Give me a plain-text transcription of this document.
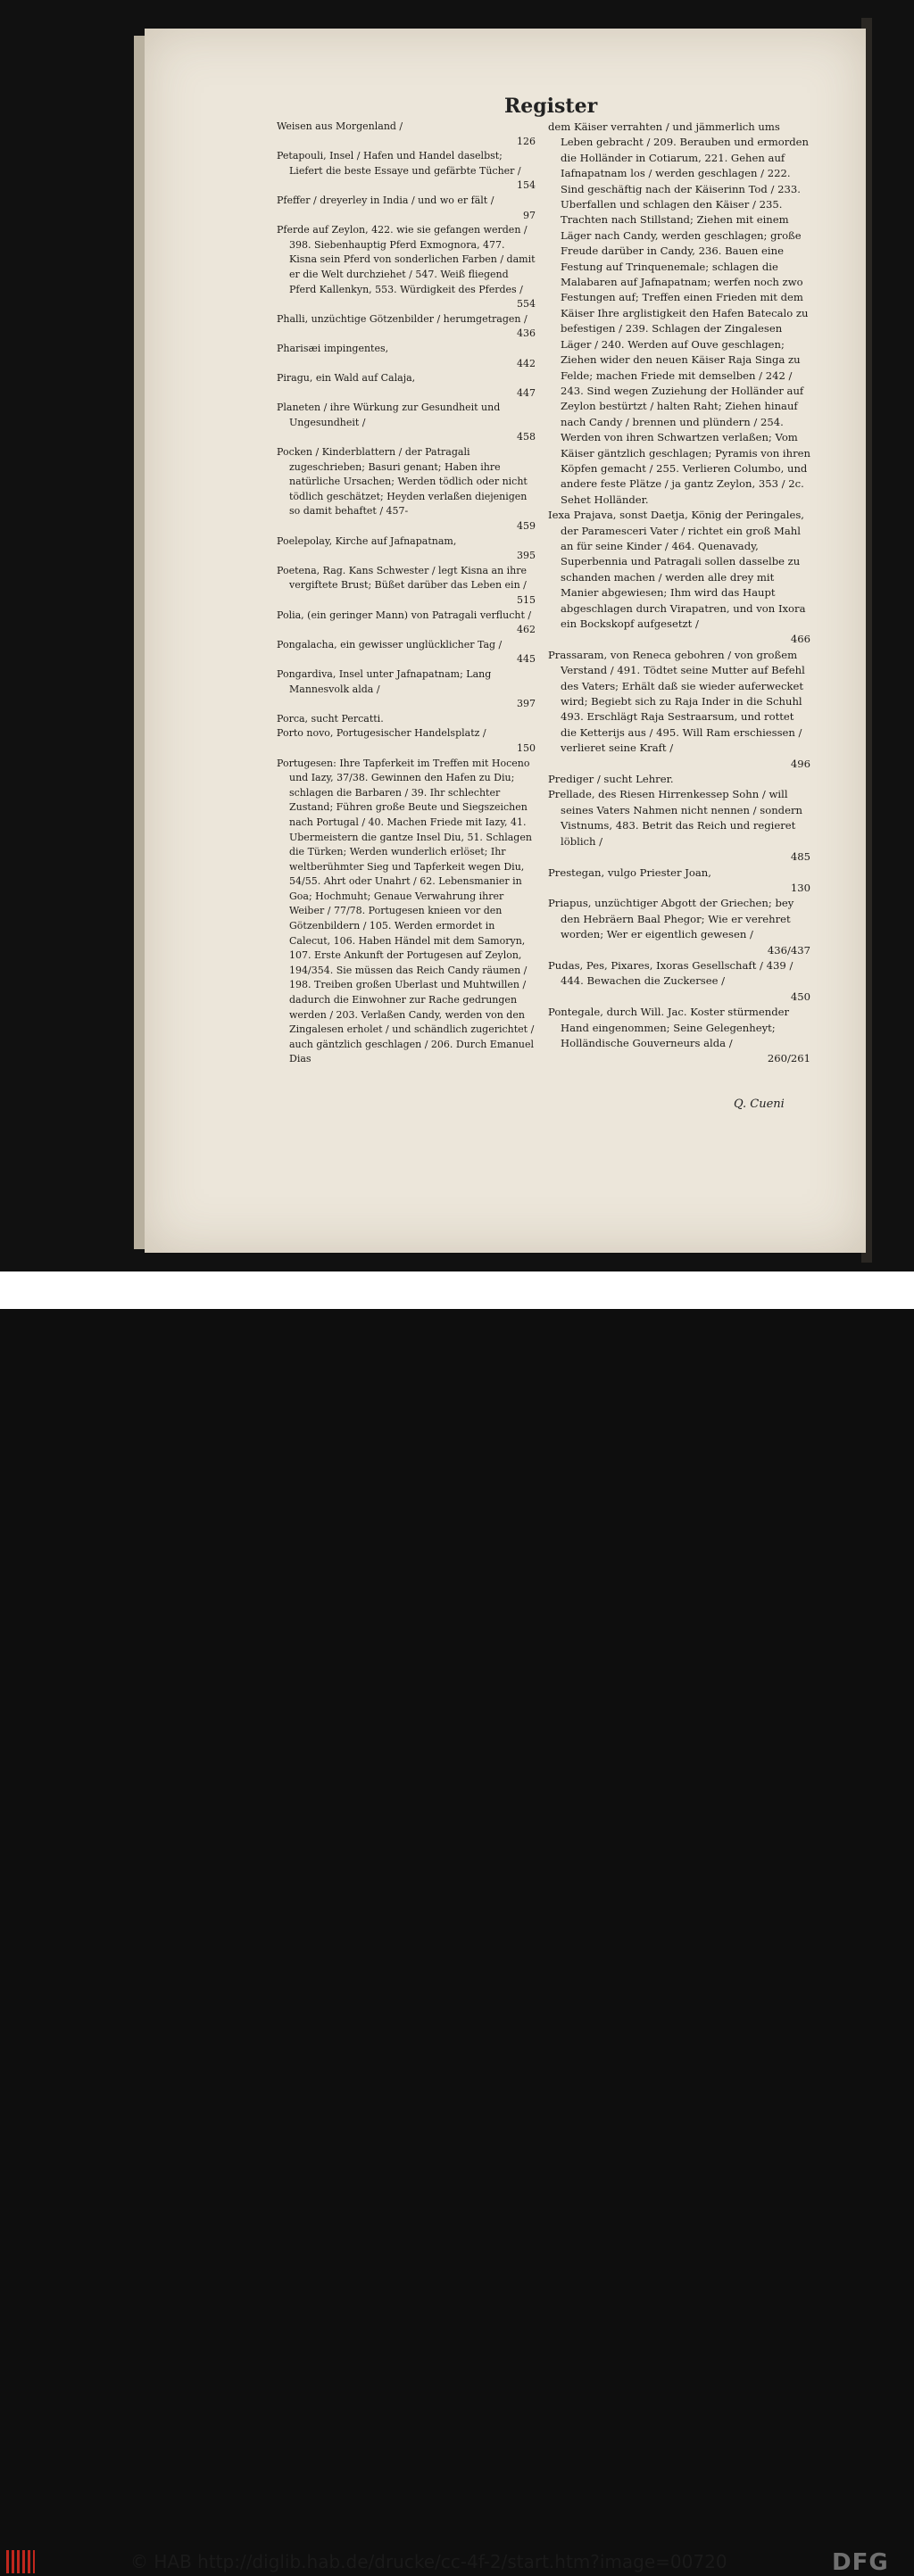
Register

Weisen aus Morgenland /
126

Petapouli, Insel / Hafen und Handel daselbst; Liefert die beste Essaye und gefärbte Tücher /
154

Pfeffer / dreyerley in India / und wo er fält /
97

Pferde auf Zeylon, 422. wie sie gefangen werden / 398. Siebenhauptig Pferd Exmognora, 477. Kisna sein Pferd von sonderlichen Farben / damit er die Welt durchziehet / 547. Weiß fliegend Pferd Kallenkyn, 553. Würdigkeit des Pferdes /
554

Phalli, unzüchtige Götzenbilder / herumgetragen /
436

Pharisæi impingentes,
442

Piragu, ein Wald auf Calaja,
447

Planeten / ihre Würkung zur Gesundheit und Ungesundheit /
458

Pocken / Kinderblattern / der Patragali zugeschrieben; Basuri genant; Haben ihre natürliche Ursachen; Werden tödlich oder nicht tödlich geschätzet; Heyden verlaßen diejenigen so damit behaftet / 457-
459

Poelepolay, Kirche auf Jafnapatnam,
395

Poetena, Rag. Kans Schwester / legt Kisna an ihre vergiftete Brust; Büßet darüber das Leben ein /
515

Polia, (ein geringer Mann) von Patragali verflucht /
462

Pongalacha, ein gewisser unglücklicher Tag /
445

Pongardiva, Insel unter Jafnapatnam; Lang Mannesvolk alda /
397

Porca, sucht Percatti.

Porto novo, Portugesischer Handelsplatz /
150

Portugesen: Ihre Tapferkeit im Treffen mit Hoceno und Iazy, 37/38. Gewinnen den Hafen zu Diu; schlagen die Barbaren / 39. Ihr schlechter Zustand; Führen große Beute und Siegszeichen nach Portugal / 40. Machen Friede mit Iazy, 41. Ubermeistern die gantze Insel Diu, 51. Schlagen die Türken; Werden wunderlich erlöset; Ihr weltberühmter Sieg und Tapferkeit wegen Diu, 54/55. Ahrt oder Unahrt / 62. Lebensmanier in Goa; Hochmuht; Genaue Verwahrung ihrer Weiber / 77/78. Portugesen knieen vor den Götzenbildern / 105. Werden ermordet in Calecut, 106. Haben Händel mit dem Samoryn, 107. Erste Ankunft der Portugesen auf Zeylon, 194/354. Sie müssen das Reich Candy räumen / 198. Treiben großen Uberlast und Muhtwillen / dadurch die Einwohner zur Rache gedrungen werden / 203. Verlaßen Candy, werden von den Zingalesen erholet / und schändlich zugerichtet / auch gäntzlich geschlagen / 206. Durch Emanuel Dias

dem Käiser verrahten / und jämmerlich ums Leben gebracht / 209. Berauben und ermorden die Holländer in Cotiarum, 221. Gehen auf Iafnapatnam los / werden geschlagen / 222. Sind geschäftig nach der Käiserinn Tod / 233. Uberfallen und schlagen den Käiser / 235. Trachten nach Stillstand; Ziehen mit einem Läger nach Candy, werden geschlagen; große Freude darüber in Candy, 236. Bauen eine Festung auf Trinquenemale; schlagen die Malabaren auf Jafnapatnam; werfen noch zwo Festungen auf; Treffen einen Frieden mit dem Käiser Ihre arglistigkeit den Hafen Batecalo zu befestigen / 239. Schlagen der Zingalesen Läger / 240. Werden auf Ouve geschlagen; Ziehen wider den neuen Käiser Raja Singa zu Felde; machen Friede mit demselben / 242 / 243. Sind wegen Zuziehung der Holländer auf Zeylon bestürtzt / halten Raht; Ziehen hinauf nach Candy / brennen und plündern / 254. Werden von ihren Schwartzen verlaßen; Vom Käiser gäntzlich geschlagen; Pyramis von ihren Köpfen gemacht / 255. Verlieren Columbo, und andere feste Plätze / ja gantz Zeylon, 353 / 2c. Sehet Holländer.

Iexa Prajava, sonst Daetja, König der Peringales, der Paramesceri Vater / richtet ein groß Mahl an für seine Kinder / 464. Quenavady, Superbennia und Patragali sollen dasselbe zu schanden machen / werden alle drey mit Manier abgewiesen; Ihm wird das Haupt abgeschlagen durch Virapatren, und von Ixora ein Bockskopf aufgesetzt /
466

Prassaram, von Reneca gebohren / von großem Verstand / 491. Tödtet seine Mutter auf Befehl des Vaters; Erhält daß sie wieder auferwecket wird; Begiebt sich zu Raja Inder in die Schuhl 493. Erschlägt Raja Sestraarsum, und rottet die Ketterijs aus / 495. Will Ram erschiessen / verlieret seine Kraft /
496

Prediger / sucht Lehrer.

Prellade, des Riesen Hirrenkessep Sohn / will seines Vaters Nahmen nicht nennen / sondern Vistnums, 483. Betrit das Reich und regieret löblich /
485

Prestegan, vulgo Priester Joan,
130

Priapus, unzüchtiger Abgott der Griechen; bey den Hebräern Baal Phegor; Wie er verehret worden; Wer er eigentlich gewesen /
436/437

Pudas, Pes, Pixares, Ixoras Gesellschaft / 439 / 444. Bewachen die Zuckersee /
450

Pontegale, durch Will. Jac. Koster stürmender Hand eingenommen; Seine Gelegenheyt; Holländische Gouverneurs alda /
260/261

Q. Cueni
© HAB http://diglib.hab.de/drucke/cc-4f-2/start.htm?image=00720	DFG
